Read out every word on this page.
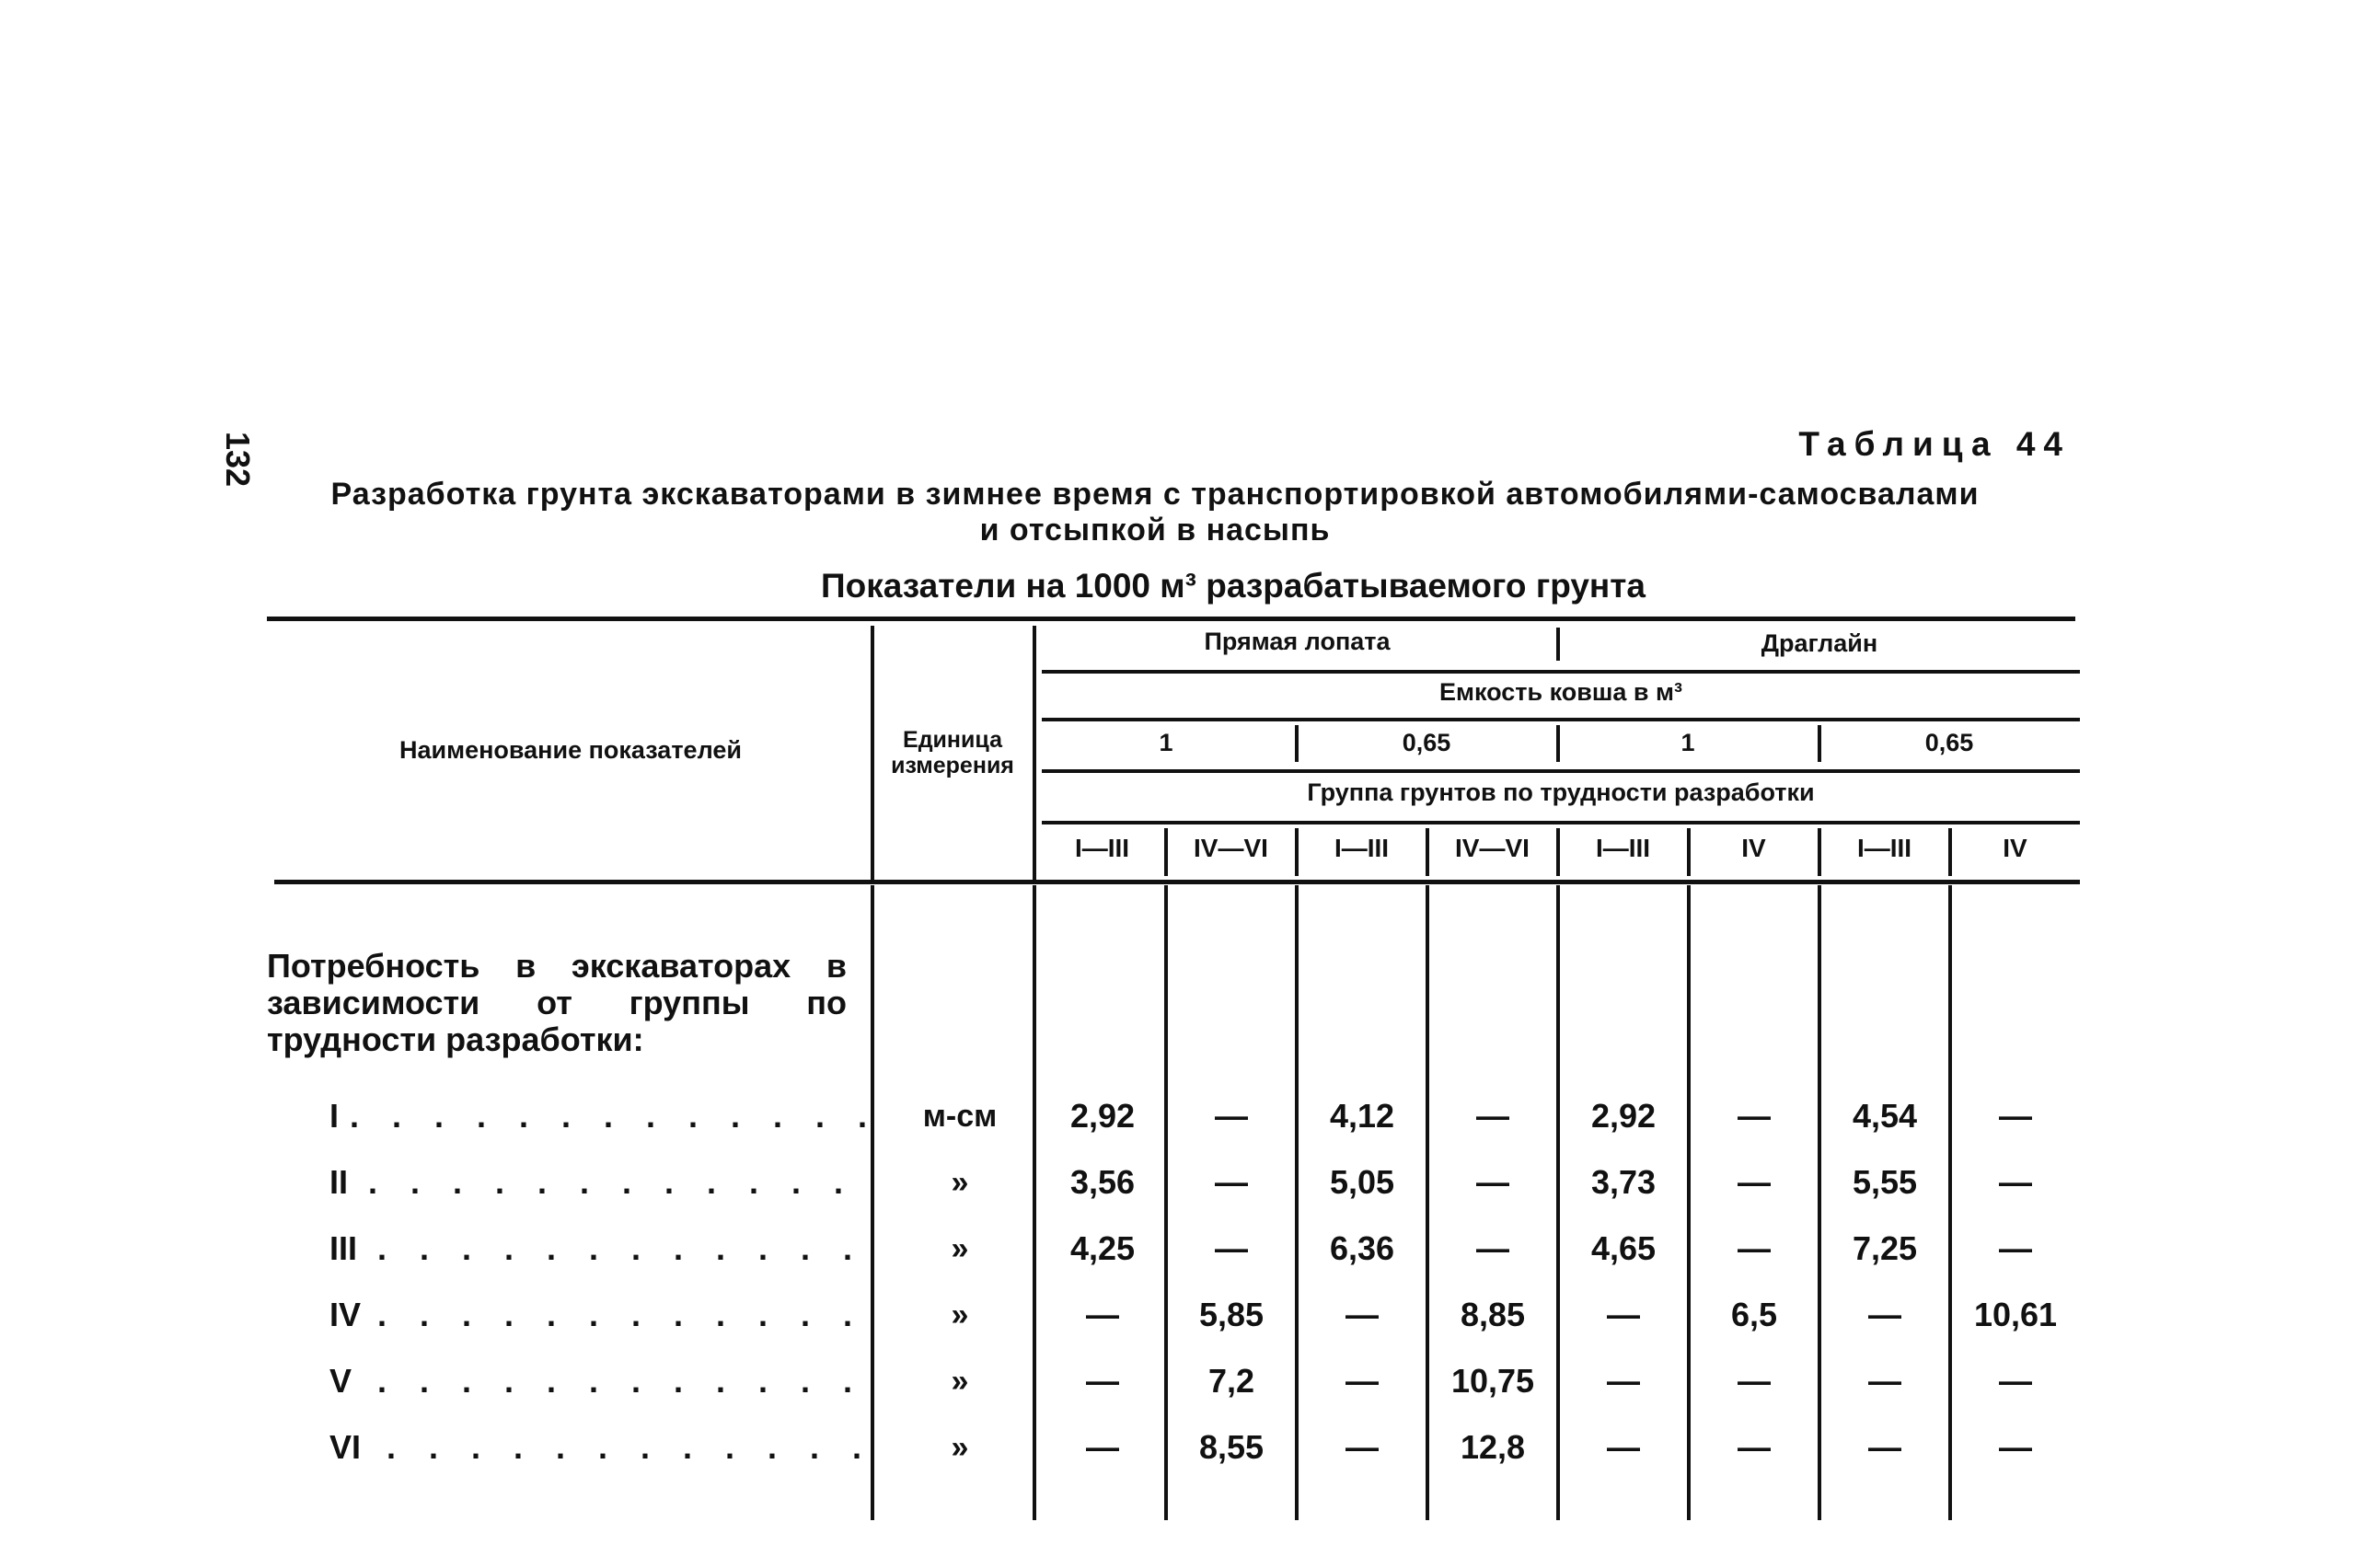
132	Таблица 44
Разработка грунта экскаваторами в зимнее время с транспортировкой автомобилями-самосвалами
и отсыпкой в насыпь
Показатели на 1000 м³ разрабатываемого грунта
Наименование показателей	Единица
измерения
Прямая лопата	Драглайн
Емкость ковша в м³
1	0,65	1	0,65
Группа грунтов по трудности разработки
I—III	IV—VI	I—III	IV—VI	I—III	IV	I—III	IV
Потребность в экскаваторах в зависимости от группы по трудности разработки:
I . . . . . . . . . . . . .	м-см	2,92	—	4,12	—	2,92	—	4,54	—
II . . . . . . . . . . . .	»	3,56	—	5,05	—	3,73	—	5,55	—
III . . . . . . . . . . . .	»	4,25	—	6,36	—	4,65	—	7,25	—
IV . . . . . . . . . . . .	»	—	5,85	—	8,85	—	6,5	—	10,61
V . . . . . . . . . . . .	»	—	7,2	—	10,75	—	—	—	—
VI . . . . . . . . . . . .	»	—	8,55	—	12,8	—	—	—	—
